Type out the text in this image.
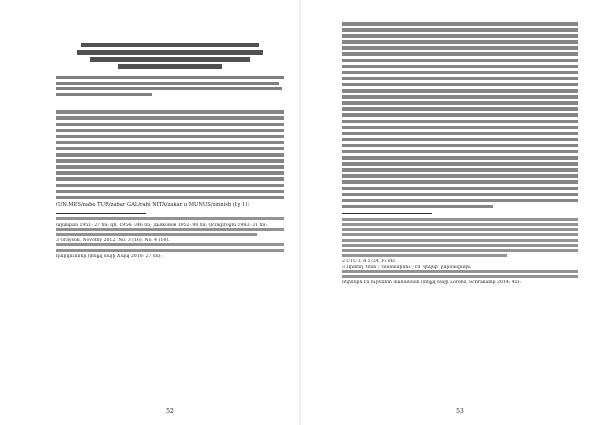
(UN.MES/nabe TUR/zabar GAL/rabi NITA/zakar u MUNUS/sinnisb (էջ 1):
արտգան 1951: 27 են; զհ. 1954: 346 են; Дьяконов 1952: 90 են; Qĉingiroğlu 1983: 31 են:
3 Grayson, Novotny 2012, No. 3 (16), No. 4 (14).
դարկուններ (տելֈվ մայր Ճպպ 2010: 27 են):
52
2 CTU I, A 5-2A, F₃ etc.
3 Որտեղ ‘մետ’; ‘նաննարնու’; էն ‘կեկնի’ լարմավակն:
մերմերն էն ուրեմետ մանանատ (տելֈվ մայր Lorenz, Schrakamp 2014: 45):
53
